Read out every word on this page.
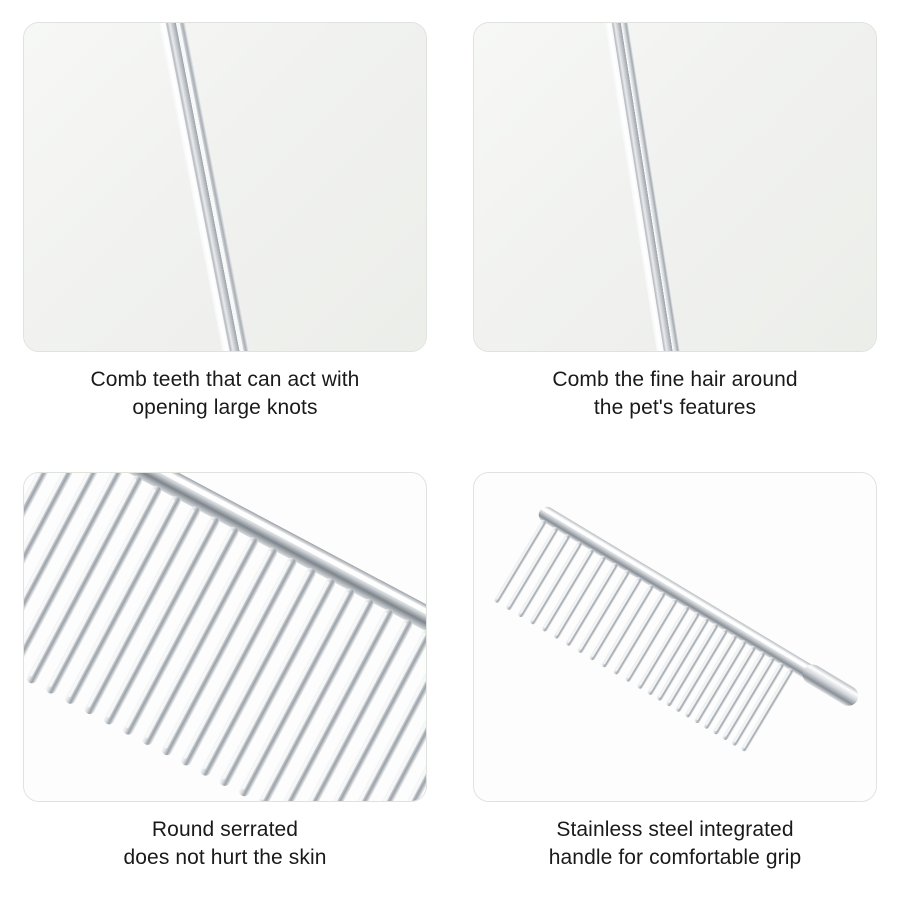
Comb teeth that can act with
opening large knots
Comb the fine hair around
the pet's features
Round serrated
does not hurt the skin
Stainless steel integrated
handle for comfortable grip
